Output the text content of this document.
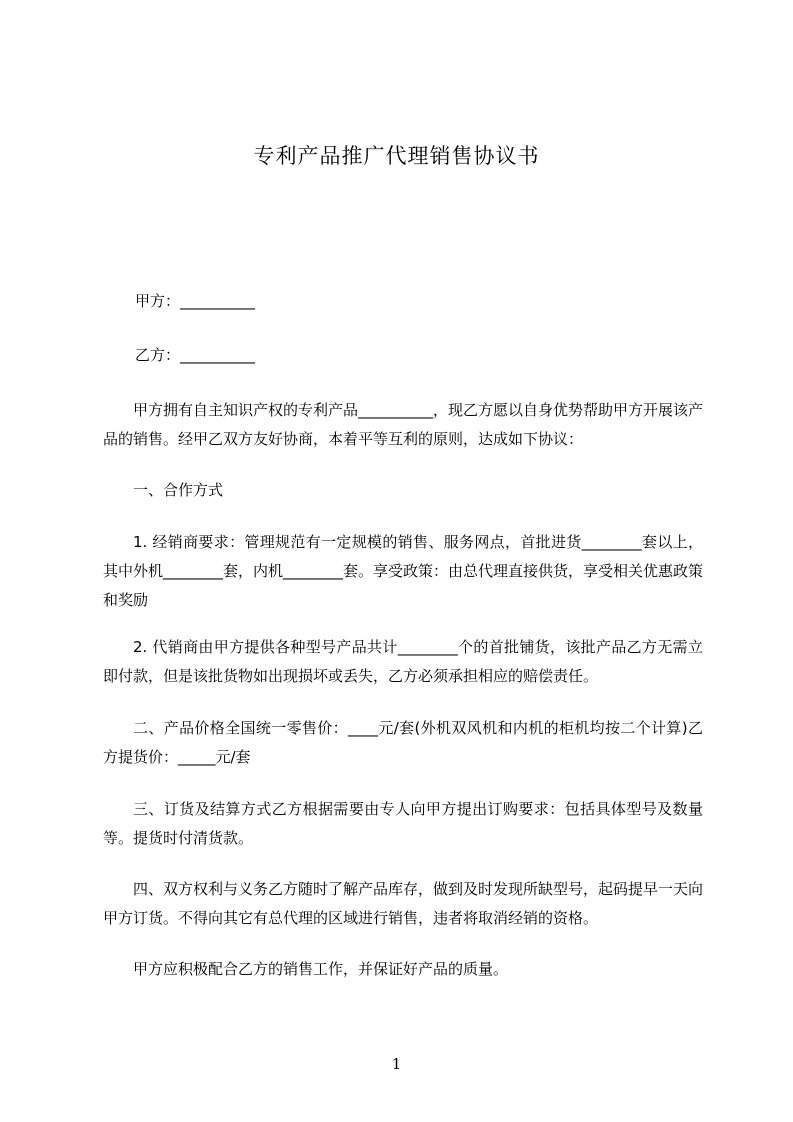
专利产品推广代理销售协议书

甲方：__________

乙方：__________

甲方拥有自主知识产权的专利产品__________，现乙方愿以自身优势帮助甲方开展该产品的销售。经甲乙双方友好协商，本着平等互利的原则，达成如下协议：

一、合作方式

1. 经销商要求：管理规范有一定规模的销售、服务网点，首批进货________套以上，其中外机________套，内机________套。享受政策：由总代理直接供货，享受相关优惠政策和奖励

2. 代销商由甲方提供各种型号产品共计________个的首批铺货，该批产品乙方无需立即付款，但是该批货物如出现损坏或丢失，乙方必须承担相应的赔偿责任。

二、产品价格全国统一零售价：____元/套(外机双风机和内机的柜机均按二个计算)乙方提货价：_____元/套

三、订货及结算方式乙方根据需要由专人向甲方提出订购要求：包括具体型号及数量等。提货时付清货款。

四、双方权利与义务乙方随时了解产品库存，做到及时发现所缺型号，起码提早一天向甲方订货。不得向其它有总代理的区域进行销售，违者将取消经销的资格。

甲方应积极配合乙方的销售工作，并保证好产品的质量。

1
